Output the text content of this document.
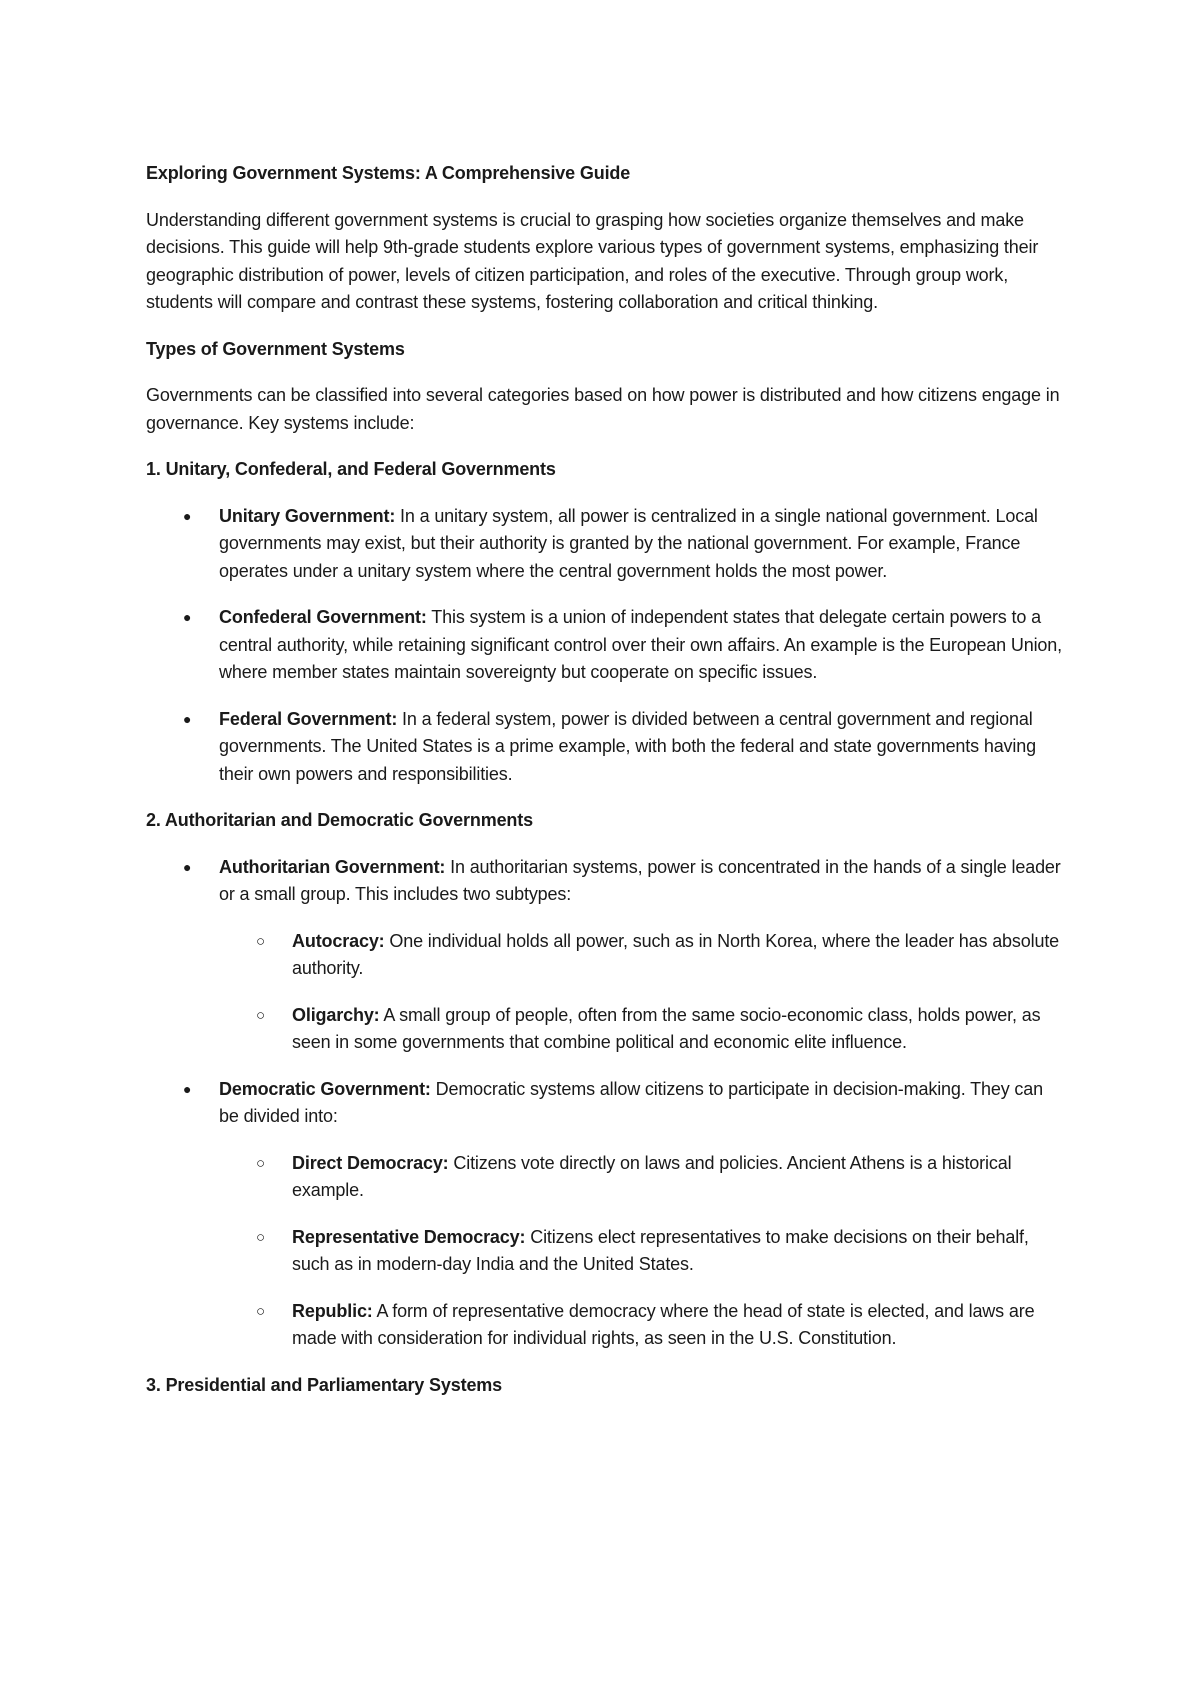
Exploring Government Systems: A Comprehensive Guide

Understanding different government systems is crucial to grasping how societies organize themselves and make decisions. This guide will help 9th-grade students explore various types of government systems, emphasizing their geographic distribution of power, levels of citizen participation, and roles of the executive. Through group work, students will compare and contrast these systems, fostering collaboration and critical thinking.

Types of Government Systems

Governments can be classified into several categories based on how power is distributed and how citizens engage in governance. Key systems include:

1. Unitary, Confederal, and Federal Governments

● Unitary Government: In a unitary system, all power is centralized in a single national government. Local governments may exist, but their authority is granted by the national government. For example, France operates under a unitary system where the central government holds the most power.
● Confederal Government: This system is a union of independent states that delegate certain powers to a central authority, while retaining significant control over their own affairs. An example is the European Union, where member states maintain sovereignty but cooperate on specific issues.
● Federal Government: In a federal system, power is divided between a central government and regional governments. The United States is a prime example, with both the federal and state governments having their own powers and responsibilities.

2. Authoritarian and Democratic Governments

● Authoritarian Government: In authoritarian systems, power is concentrated in the hands of a single leader or a small group. This includes two subtypes:
○ Autocracy: One individual holds all power, such as in North Korea, where the leader has absolute authority.
○ Oligarchy: A small group of people, often from the same socio-economic class, holds power, as seen in some governments that combine political and economic elite influence.
● Democratic Government: Democratic systems allow citizens to participate in decision-making. They can be divided into:
○ Direct Democracy: Citizens vote directly on laws and policies. Ancient Athens is a historical example.
○ Representative Democracy: Citizens elect representatives to make decisions on their behalf, such as in modern-day India and the United States.
○ Republic: A form of representative democracy where the head of state is elected, and laws are made with consideration for individual rights, as seen in the U.S. Constitution.

3. Presidential and Parliamentary Systems
